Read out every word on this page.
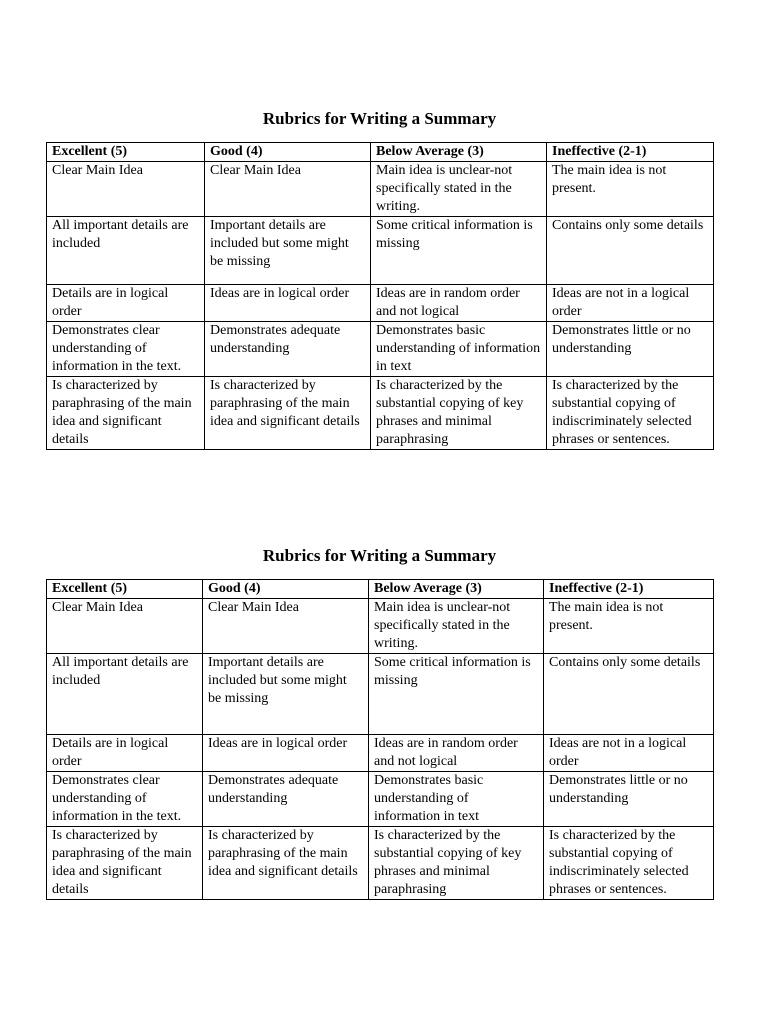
Rubrics for Writing a Summary
Excellent (5)	Good (4)	Below Average (3)	Ineffective (2-1)
Clear Main Idea	Clear Main Idea	Main idea is unclear-not specifically stated in the writing.	The main idea is not present.
All important details are included	Important details are included but some might be missing	Some critical information is missing	Contains only some details
Details are in logical order	Ideas are in logical order	Ideas are in random order and not logical	Ideas are not in a logical order
Demonstrates clear understanding of information in the text.	Demonstrates adequate understanding	Demonstrates basic understanding of information in text	Demonstrates little or no understanding
Is characterized by paraphrasing of the main idea and significant details	Is characterized by paraphrasing of the main idea and significant details	Is characterized by the substantial copying of key phrases and minimal paraphrasing	Is characterized by the substantial copying of indiscriminately selected phrases or sentences.
Rubrics for Writing a Summary
Excellent (5)	Good (4)	Below Average (3)	Ineffective (2-1)
Clear Main Idea	Clear Main Idea	Main idea is unclear-not specifically stated in the writing.	The main idea is not present.
All important details are included	Important details are included but some might be missing	Some critical information is missing	Contains only some details
Details are in logical order	Ideas are in logical order	Ideas are in random order and not logical	Ideas are not in a logical order
Demonstrates clear understanding of information in the text.	Demonstrates adequate understanding	Demonstrates basic understanding of information in text	Demonstrates little or no understanding
Is characterized by paraphrasing of the main idea and significant details	Is characterized by paraphrasing of the main idea and significant details	Is characterized by the substantial copying of key phrases and minimal paraphrasing	Is characterized by the substantial copying of indiscriminately selected phrases or sentences.
